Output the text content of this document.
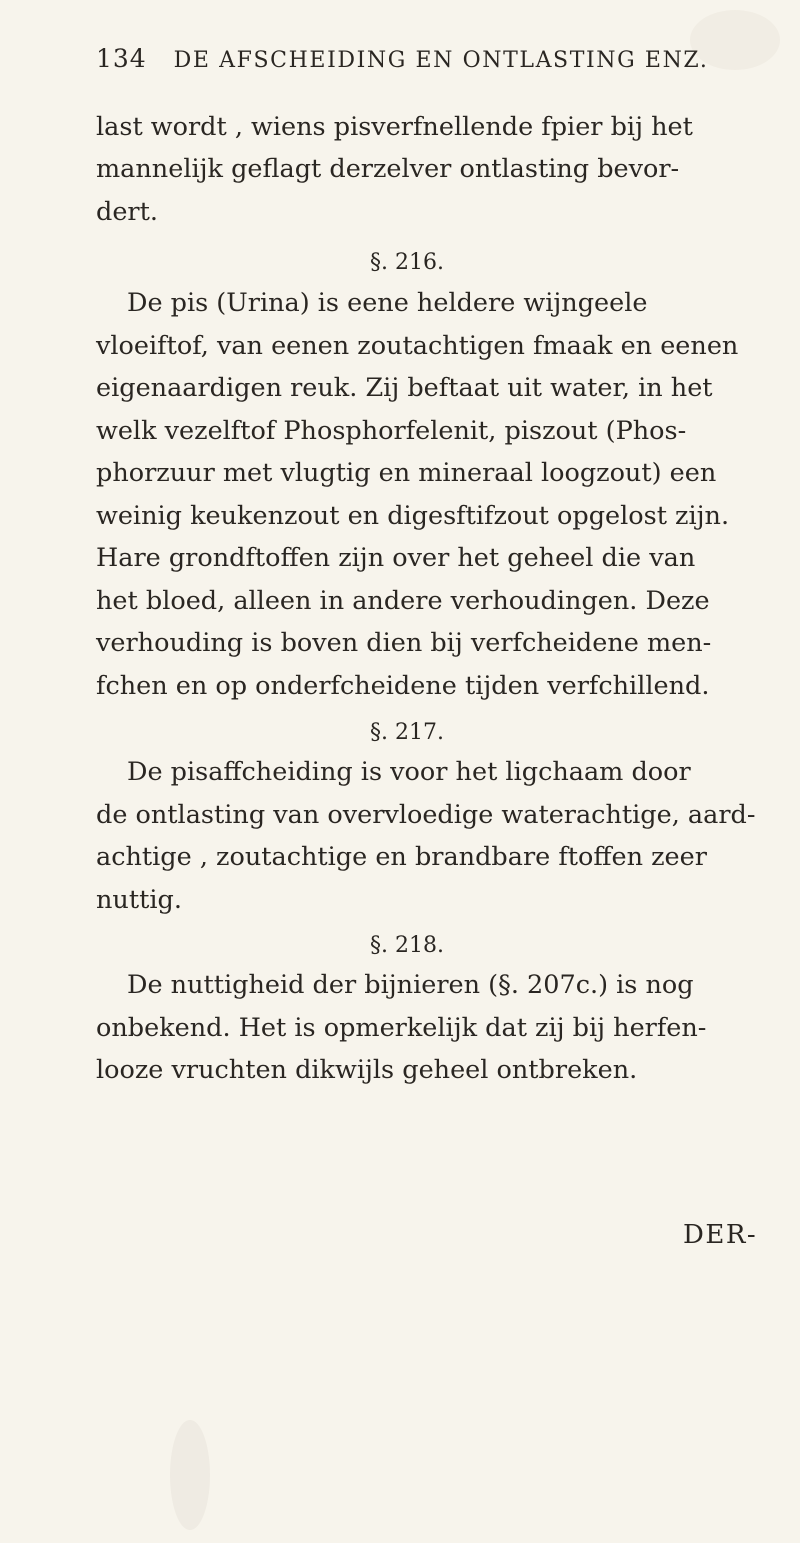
134 DE AFSCHEIDING EN ONTLASTING ENZ.
last wordt , wiens pisverfnellende fpier bij het
mannelijk geflagt derzelver ontlasting bevor-
dert.
§. 216.
De pis (Urina) is eene heldere wijngeele
vloeiftof, van eenen zoutachtigen fmaak en eenen
eigenaardigen reuk. Zij beftaat uit water, in het
welk vezelftof Phosphorfelenit, piszout (Phos-
phorzuur met vlugtig en mineraal loogzout) een
weinig keukenzout en digesftifzout opgelost zijn.
Hare grondftoffen zijn over het geheel die van
het bloed, alleen in andere verhoudingen. Deze
verhouding is boven dien bij verfcheidene men-
fchen en op onderfcheidene tijden verfchillend.
§. 217.
De pisaffcheiding is voor het ligchaam door
de ontlasting van overvloedige waterachtige, aard-
achtige , zoutachtige en brandbare ftoffen zeer
nuttig.
§. 218.
De nuttigheid der bijnieren (§. 207c.) is nog
onbekend. Het is opmerkelijk dat zij bij herfen-
looze vruchten dikwijls geheel ontbreken.
DER-
